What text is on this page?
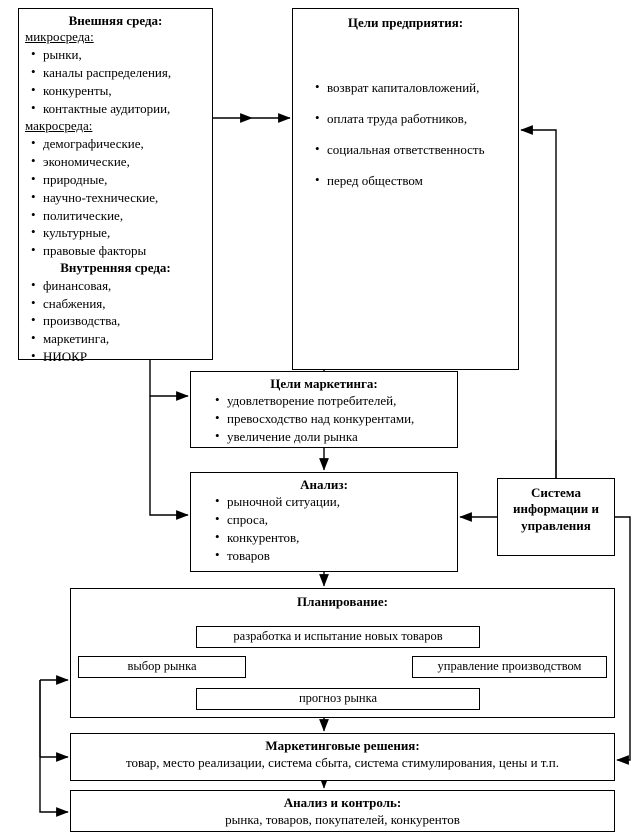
Внешняя среда:
микросреда:
• рынки,
• каналы распределения,
• конкуренты,
• контактные аудитории,
макросреда:
• демографические,
• экономические,
• природные,
• научно-технические,
• политические,
• культурные,
• правовые факторы
Внутренняя среда:
• финансовая,
• снабжения,
• производства,
• маркетинга,
• НИОКР
Цели предприятия:
• возврат капиталовложений,
• оплата труда работников,
• социальная ответственность
• перед обществом
Цели маркетинга:
• удовлетворение потребителей,
• превосходство над конкурентами,
• увеличение доли рынка
Анализ:
• рыночной ситуации,
• спроса,
• конкурентов,
• товаров
Система
информации и
управления
Планирование:
разработка и испытание новых товаров
выбор рынка	управление производством
прогноз рынка
Маркетинговые решения:
товар, место реализации, система сбыта, система стимулирования, цены и т.п.
Анализ и контроль:
рынка, товаров, покупателей, конкурентов
